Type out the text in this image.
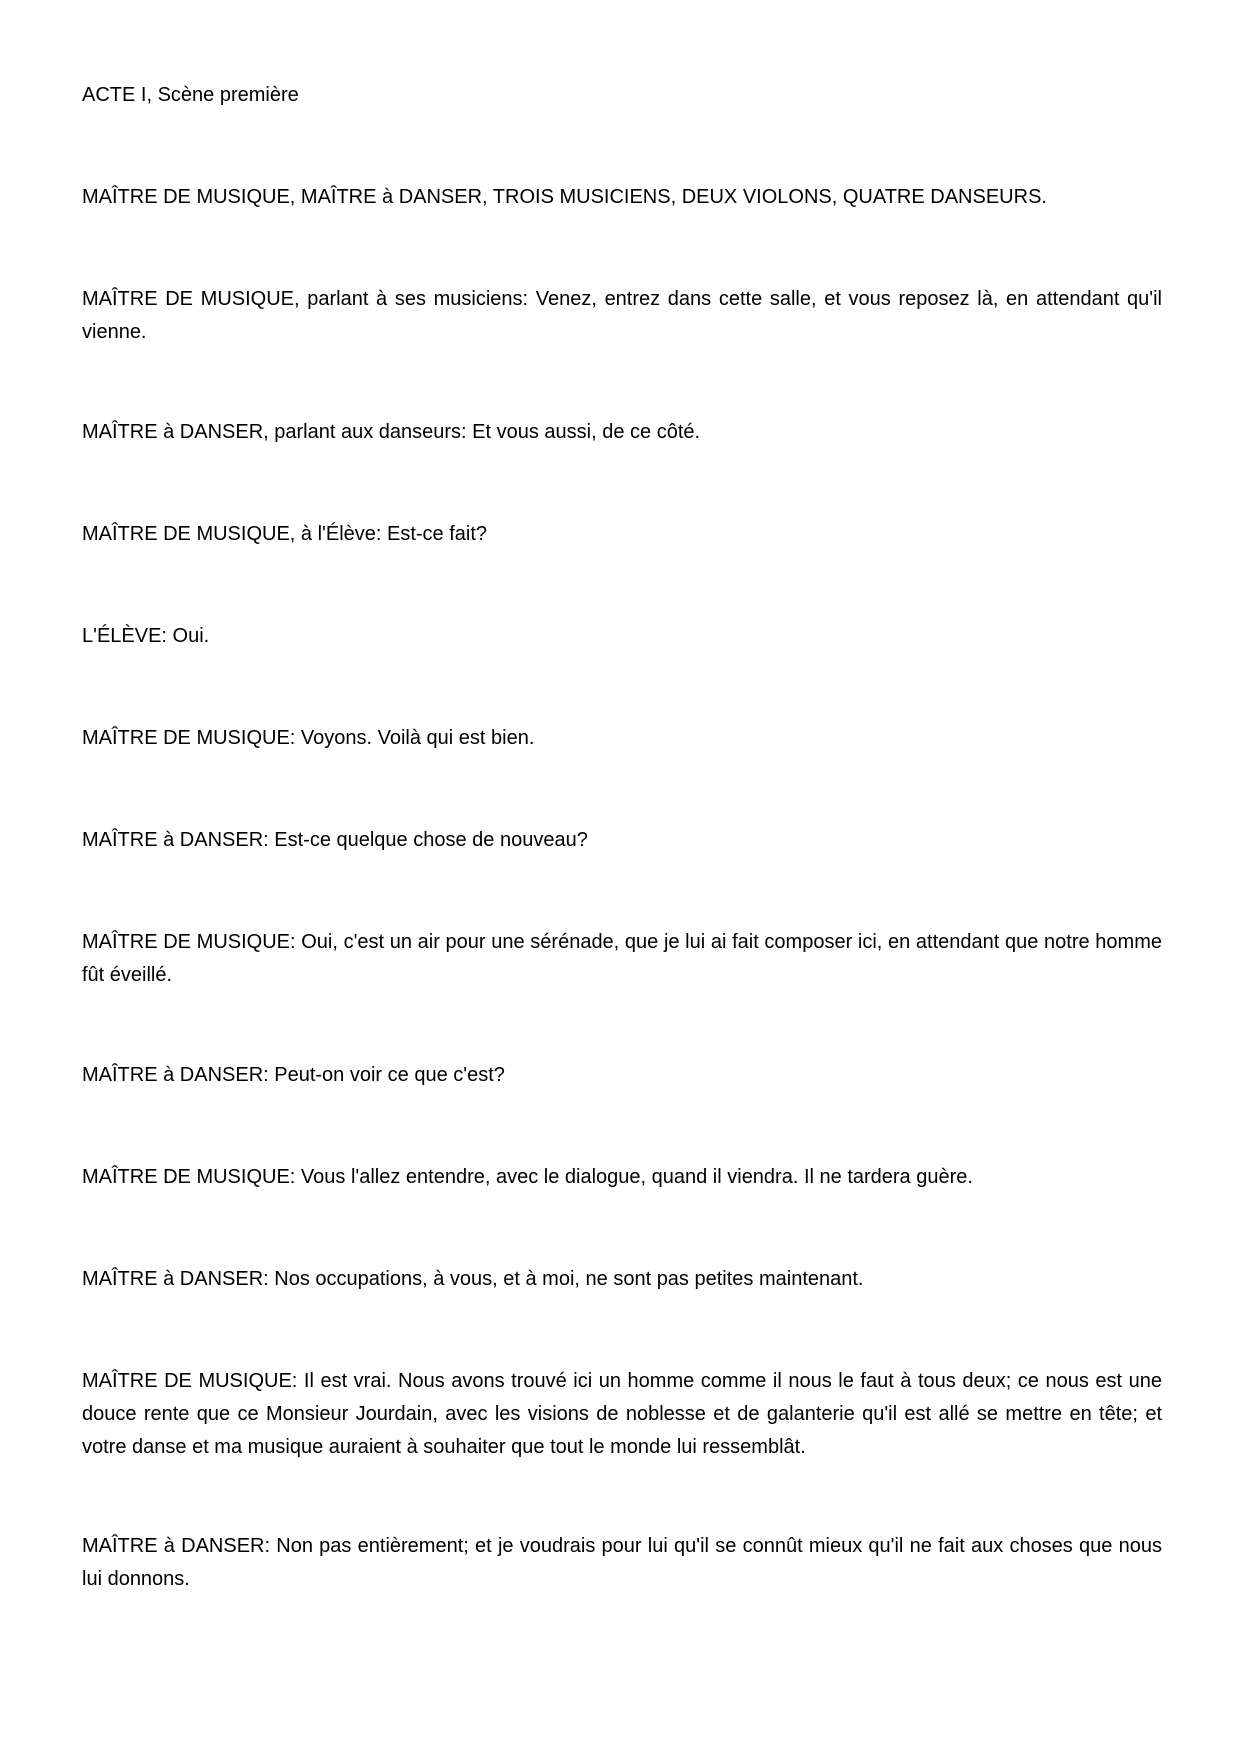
ACTE I, Scène première

MAÎTRE DE MUSIQUE, MAÎTRE à DANSER, TROIS MUSICIENS, DEUX VIOLONS, QUATRE DANSEURS.

MAÎTRE DE MUSIQUE, parlant à ses musiciens: Venez, entrez dans cette salle, et vous reposez là, en attendant qu'il vienne.

MAÎTRE à DANSER, parlant aux danseurs: Et vous aussi, de ce côté.

MAÎTRE DE MUSIQUE, à l'Élève: Est-ce fait?

L'ÉLÈVE: Oui.

MAÎTRE DE MUSIQUE: Voyons. Voilà qui est bien.

MAÎTRE à DANSER: Est-ce quelque chose de nouveau?

MAÎTRE DE MUSIQUE: Oui, c'est un air pour une sérénade, que je lui ai fait composer ici, en attendant que notre homme fût éveillé.

MAÎTRE à DANSER: Peut-on voir ce que c'est?

MAÎTRE DE MUSIQUE: Vous l'allez entendre, avec le dialogue, quand il viendra. Il ne tardera guère.

MAÎTRE à DANSER: Nos occupations, à vous, et à moi, ne sont pas petites maintenant.

MAÎTRE DE MUSIQUE: Il est vrai. Nous avons trouvé ici un homme comme il nous le faut à tous deux; ce nous est une douce rente que ce Monsieur Jourdain, avec les visions de noblesse et de galanterie qu'il est allé se mettre en tête; et votre danse et ma musique auraient à souhaiter que tout le monde lui ressemblât.

MAÎTRE à DANSER: Non pas entièrement; et je voudrais pour lui qu'il se connût mieux qu'il ne fait aux choses que nous lui donnons.
